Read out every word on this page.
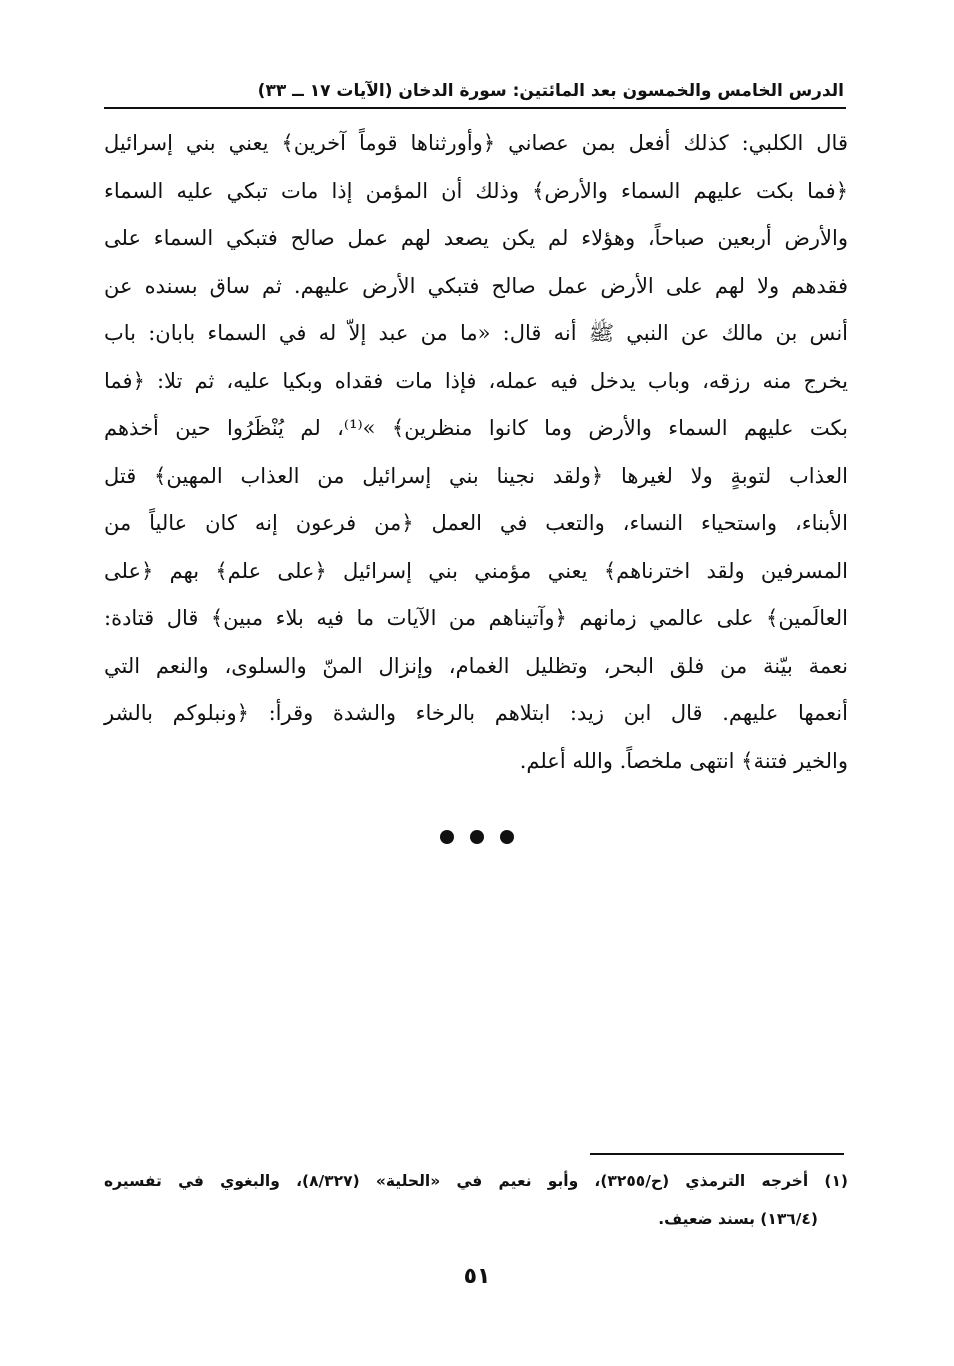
الدرس الخامس والخمسون بعد المائتين: سورة الدخان (الآيات ١٧ ــ ٣٣)
قال الكلبي: كذلك أفعل بمن عصاني ﴿وأورثناها قوماً آخرين﴾ يعني بني إسرائيل
﴿فما بكت عليهم السماء والأرض﴾ وذلك أن المؤمن إذا مات تبكي عليه السماء
والأرض أربعين صباحاً، وهؤلاء لم يكن يصعد لهم عمل صالح فتبكي السماء على
فقدهم ولا لهم على الأرض عمل صالح فتبكي الأرض عليهم. ثم ساق بسنده عن
أنس بن مالك عن النبي ﷺ أنه قال: «ما من عبد إلاّ له في السماء بابان: باب
يخرج منه رزقه، وباب يدخل فيه عمله، فإذا مات فقداه وبكيا عليه، ثم تلا: ﴿فما
بكت عليهم السماء والأرض وما كانوا منظرين﴾ »⁽¹⁾، لم يُنْظَرُوا حين أخذهم
العذاب لتوبةٍ ولا لغيرها ﴿ولقد نجينا بني إسرائيل من العذاب المهين﴾ قتل
الأبناء، واستحياء النساء، والتعب في العمل ﴿من فرعون إنه كان عالياً من
المسرفين ولقد اخترناهم﴾ يعني مؤمني بني إسرائيل ﴿على علم﴾ بهم ﴿على
العالَمين﴾ على عالمي زمانهم ﴿وآتيناهم من الآيات ما فيه بلاء مبين﴾ قال قتادة:
نعمة بيّنة من فلق البحر، وتظليل الغمام، وإنزال المنّ والسلوى، والنعم التي
أنعمها عليهم. قال ابن زيد: ابتلاهم بالرخاء والشدة وقرأ: ﴿ونبلوكم بالشر
والخير فتنة﴾ انتهى ملخصاً. والله أعلم.
(١) أخرجه الترمذي (ح/٣٢٥٥)، وأبو نعيم في «الحلية» (٨/٣٢٧)، والبغوي في تفسيره
(١٣٦/٤) بسند ضعيف.
٥١
